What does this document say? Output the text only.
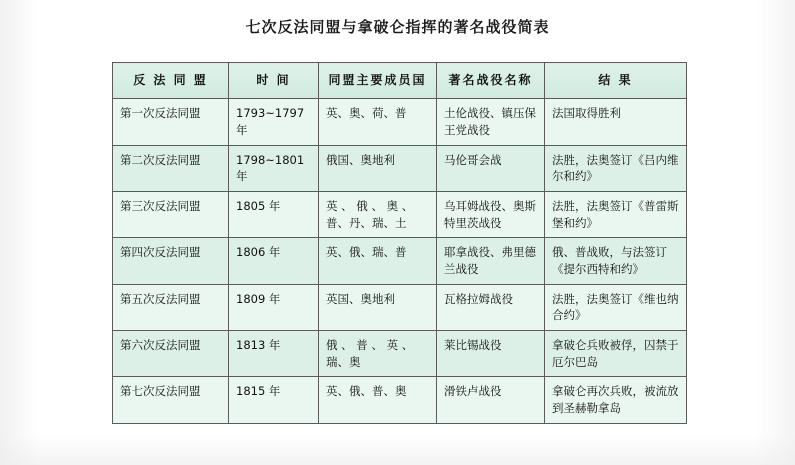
七次反法同盟与拿破仑指挥的著名战役简表
反 法 同 盟	时 间	同盟主要成员国	著名战役名称	结 果
第一次反法同盟	1793~1797 年	英、奥、荷、普	土伦战役、镇压保王党战役	法国取得胜利
第二次反法同盟	1798~1801 年	俄国、奥地利	马伦哥会战	法胜，法奥签订《吕内维尔和约》
第三次反法同盟	1805 年	英 、 俄 、 奥 、普、丹、瑞、土	乌耳姆战役、奥斯特里茨战役	法胜，法奥签订《普雷斯堡和约》
第四次反法同盟	1806 年	英、俄、瑞、普	耶拿战役、弗里德兰战役	俄、普战败，与法签订《提尔西特和约》
第五次反法同盟	1809 年	英国、奥地利	瓦格拉姆战役	法胜，法奥签订《维也纳合约》
第六次反法同盟	1813 年	俄 、 普 、 英 、 瑞、奥	莱比锡战役	拿破仑兵败被俘，囚禁于厄尔巴岛
第七次反法同盟	1815 年	英、俄、普、奥	滑铁卢战役	拿破仑再次兵败，被流放到圣赫勒拿岛
